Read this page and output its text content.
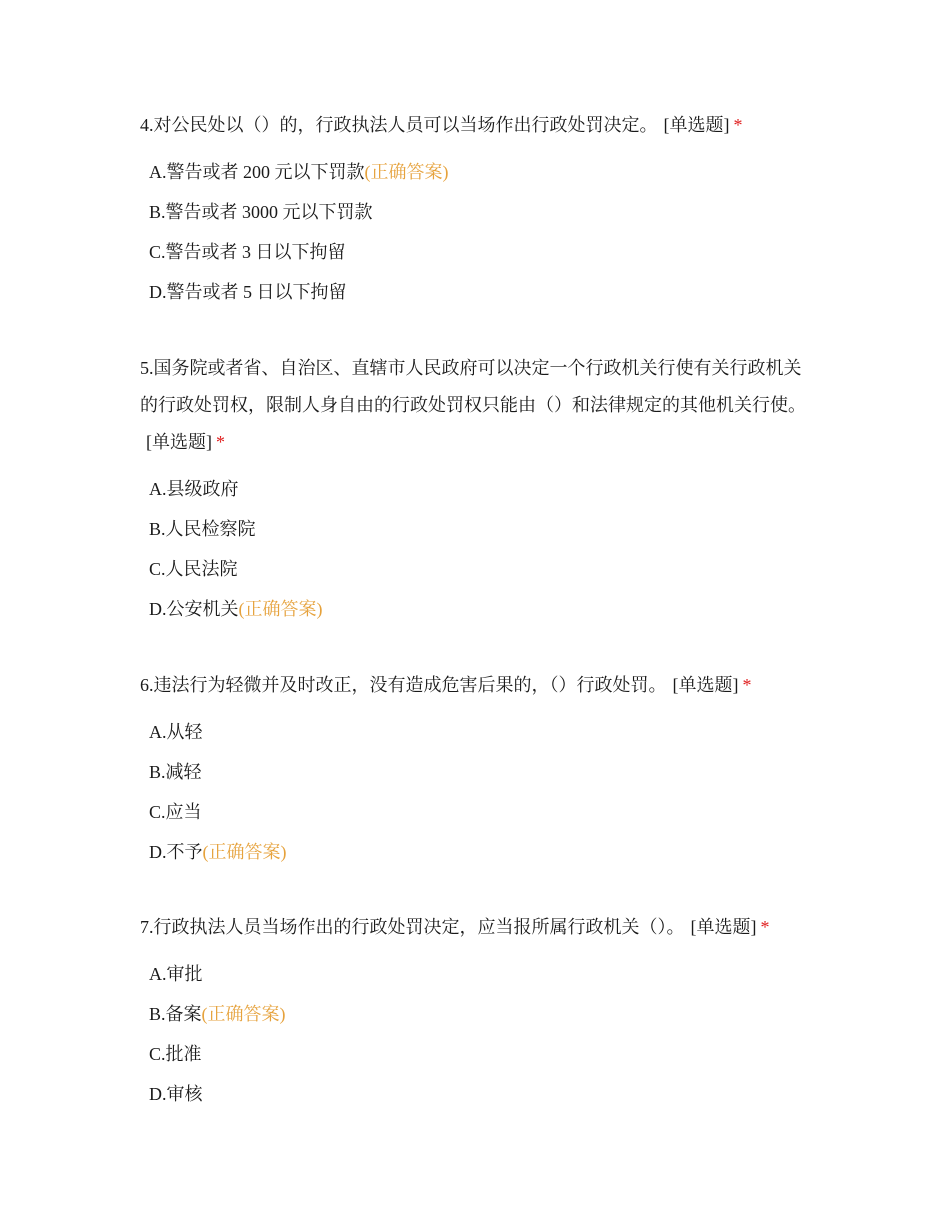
4.对公民处以（）的，行政执法人员可以当场作出行政处罚决定。 [单选题] *

A.警告或者 200 元以下罚款(正确答案)
B.警告或者 3000 元以下罚款
C.警告或者 3 日以下拘留
D.警告或者 5 日以下拘留

5.国务院或者省、自治区、直辖市人民政府可以决定一个行政机关行使有关行政机关的行政处罚权，限制人身自由的行政处罚权只能由（）和法律规定的其他机关行使。[单选题] *

A.县级政府
B.人民检察院
C.人民法院
D.公安机关(正确答案)

6.违法行为轻微并及时改正，没有造成危害后果的，（）行政处罚。 [单选题] *

A.从轻
B.减轻
C.应当
D.不予(正确答案)

7.行政执法人员当场作出的行政处罚决定，应当报所属行政机关（）。 [单选题] *

A.审批
B.备案(正确答案)
C.批准
D.审核
